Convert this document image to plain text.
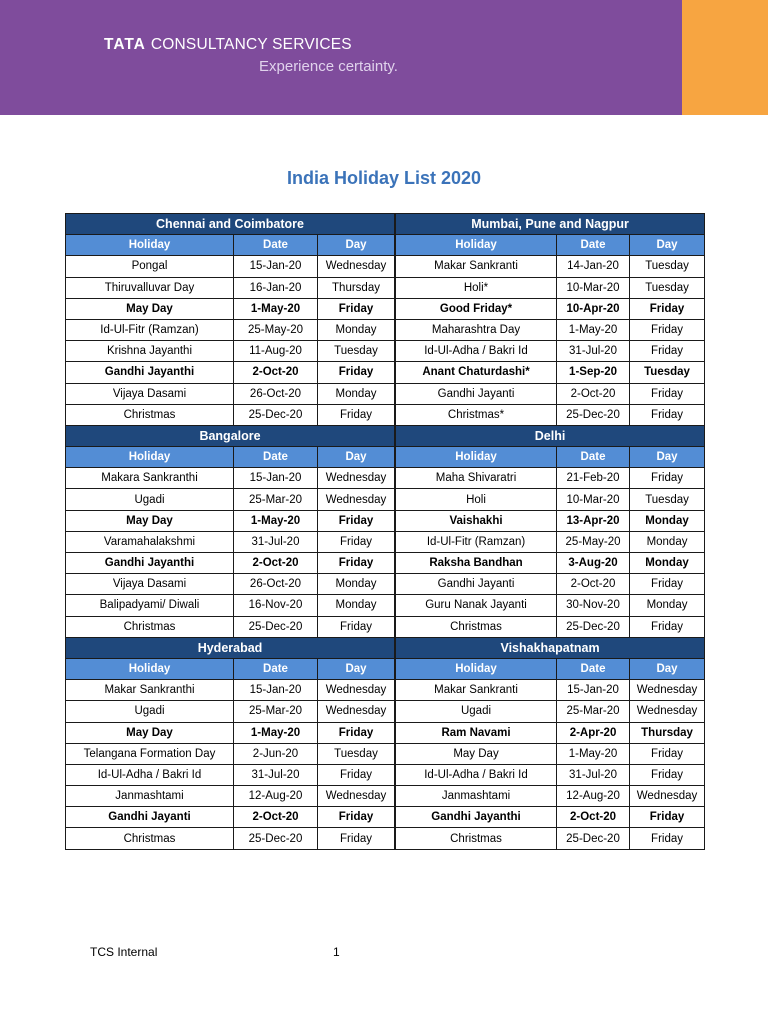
TATA CONSULTANCY SERVICES
Experience certainty.
India Holiday List 2020
Chennai and Coimbatore			Mumbai, Pune and Nagpur		
Holiday	Date	Day		Holiday	Date	Day
Pongal	15-Jan-20	Wednesday		Makar Sankranti	14-Jan-20	Tuesday
Thiruvalluvar Day	16-Jan-20	Thursday		Holi*	10-Mar-20	Tuesday
May Day	1-May-20	Friday		Good Friday*	10-Apr-20	Friday
Id-Ul-Fitr (Ramzan)	25-May-20	Monday		Maharashtra Day	1-May-20	Friday
Krishna Jayanthi	11-Aug-20	Tuesday		Id-Ul-Adha / Bakri Id	31-Jul-20	Friday
Gandhi Jayanthi	2-Oct-20	Friday		Anant Chaturdashi*	1-Sep-20	Tuesday
Vijaya Dasami	26-Oct-20	Monday		Gandhi Jayanti	2-Oct-20	Friday
Christmas	25-Dec-20	Friday		Christmas*	25-Dec-20	Friday
Bangalore			Delhi		
Holiday	Date	Day		Holiday	Date	Day
Makara Sankranthi	15-Jan-20	Wednesday		Maha Shivaratri	21-Feb-20	Friday
Ugadi	25-Mar-20	Wednesday		Holi	10-Mar-20	Tuesday
May Day	1-May-20	Friday		Vaishakhi	13-Apr-20	Monday
Varamahalakshmi	31-Jul-20	Friday		Id-Ul-Fitr (Ramzan)	25-May-20	Monday
Gandhi Jayanthi	2-Oct-20	Friday		Raksha Bandhan	3-Aug-20	Monday
Vijaya Dasami	26-Oct-20	Monday		Gandhi Jayanti	2-Oct-20	Friday
Balipadyami/ Diwali	16-Nov-20	Monday		Guru Nanak Jayanti	30-Nov-20	Monday
Christmas	25-Dec-20	Friday		Christmas	25-Dec-20	Friday
Hyderabad			Vishakhapatnam		
Holiday	Date	Day		Holiday	Date	Day
Makar Sankranthi	15-Jan-20	Wednesday		Makar Sankranti	15-Jan-20	Wednesday
Ugadi	25-Mar-20	Wednesday		Ugadi	25-Mar-20	Wednesday
May Day	1-May-20	Friday		Ram Navami	2-Apr-20	Thursday
Telangana Formation Day	2-Jun-20	Tuesday		May Day	1-May-20	Friday
Id-Ul-Adha / Bakri Id	31-Jul-20	Friday		Id-Ul-Adha / Bakri Id	31-Jul-20	Friday
Janmashtami	12-Aug-20	Wednesday		Janmashtami	12-Aug-20	Wednesday
Gandhi Jayanti	2-Oct-20	Friday		Gandhi Jayanthi	2-Oct-20	Friday
Christmas	25-Dec-20	Friday		Christmas	25-Dec-20	Friday
TCS Internal	1
